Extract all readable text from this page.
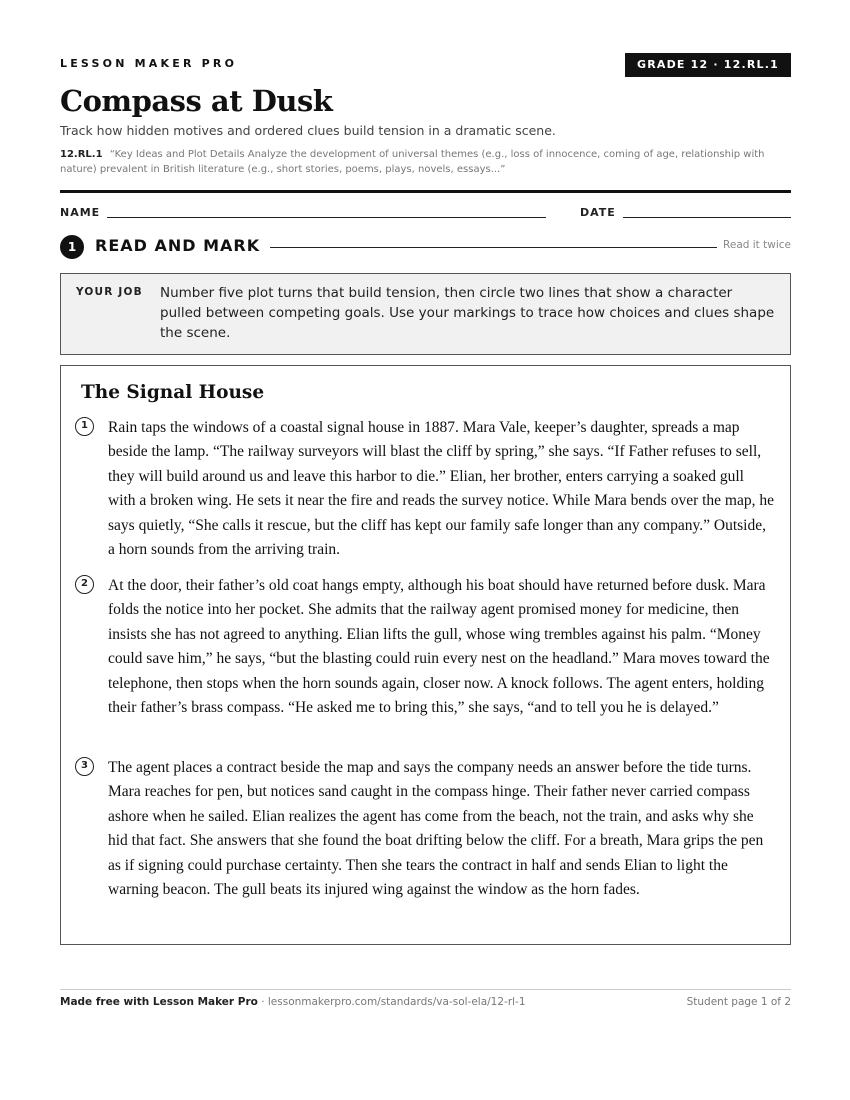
LESSON MAKER PRO	GRADE 12 · 12.RL.1
Compass at Dusk
Track how hidden motives and ordered clues build tension in a dramatic scene.
12.RL.1 “Key Ideas and Plot Details Analyze the development of universal themes (e.g., loss of innocence, coming of age, relationship with nature) prevalent in British literature (e.g., short stories, poems, plays, novels, essays...”
NAME	DATE
1	READ AND MARK	Read it twice
YOUR JOB Number five plot turns that build tension, then circle two lines that show a character pulled between competing goals. Use your markings to trace how choices and clues shape the scene.
The Signal House
1	Rain taps the windows of a coastal signal house in 1887. Mara Vale, keeper’s daughter, spreads a map beside the lamp. “The railway surveyors will blast the cliff by spring,” she says. “If Father refuses to sell, they will build around us and leave this harbor to die.” Elian, her brother, enters carrying a soaked gull with a broken wing. He sets it near the fire and reads the survey notice. While Mara bends over the map, he says quietly, “She calls it rescue, but the cliff has kept our family safe longer than any company.” Outside, a horn sounds from the arriving train.
2	At the door, their father’s old coat hangs empty, although his boat should have returned before dusk. Mara folds the notice into her pocket. She admits that the railway agent promised money for medicine, then insists she has not agreed to anything. Elian lifts the gull, whose wing trembles against his palm. “Money could save him,” he says, “but the blasting could ruin every nest on the headland.” Mara moves toward the telephone, then stops when the horn sounds again, closer now. A knock follows. The agent enters, holding their father’s brass compass. “He asked me to bring this,” she says, “and to tell you he is delayed.”
3	The agent places a contract beside the map and says the company needs an answer before the tide turns. Mara reaches for pen, but notices sand caught in the compass hinge. Their father never carried compass ashore when he sailed. Elian realizes the agent has come from the beach, not the train, and asks why she hid that fact. She answers that she found the boat drifting below the cliff. For a breath, Mara grips the pen as if signing could purchase certainty. Then she tears the contract in half and sends Elian to light the warning beacon. The gull beats its injured wing against the window as the horn fades.
Made free with Lesson Maker Pro · lessonmakerpro.com/standards/va-sol-ela/12-rl-1	Student page 1 of 2
